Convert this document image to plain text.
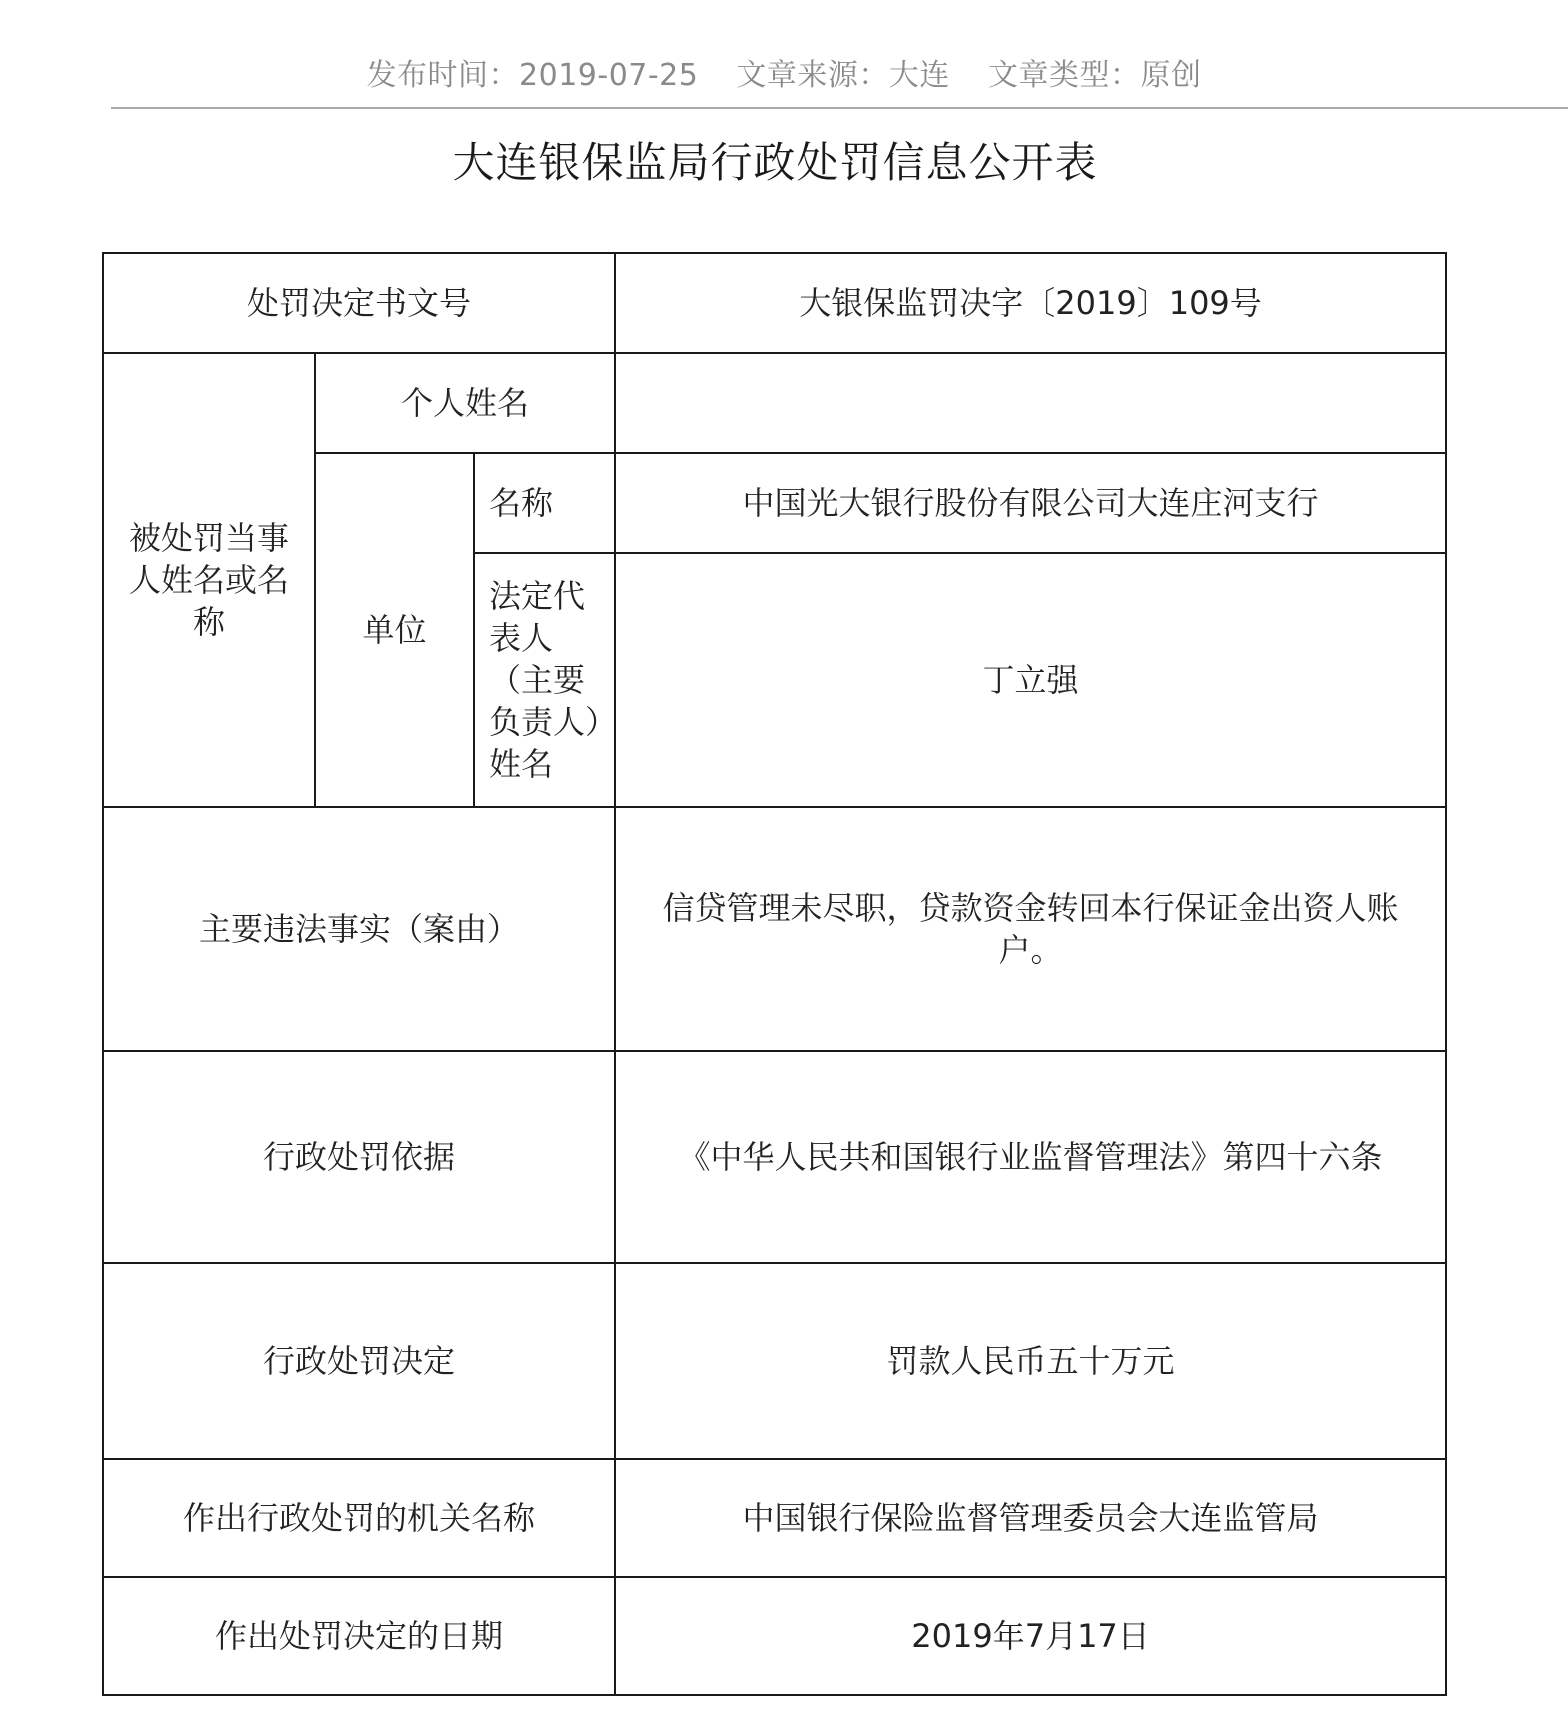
发布时间：2019-07-25 文章来源：大连 文章类型：原创
大连银保监局行政处罚信息公开表
处罚决定书文号			大银保监罚决字〔2019〕109号
被处罚当事人姓名或名称	个人姓名		
	单位	名称	中国光大银行股份有限公司大连庄河支行
		法定代表人（主要负责人）姓名	丁立强
主要违法事实（案由）			信贷管理未尽职，贷款资金转回本行保证金出资人账户。
行政处罚依据			《中华人民共和国银行业监督管理法》第四十六条
行政处罚决定			罚款人民币五十万元
作出行政处罚的机关名称			中国银行保险监督管理委员会大连监管局
作出处罚决定的日期			2019年7月17日
